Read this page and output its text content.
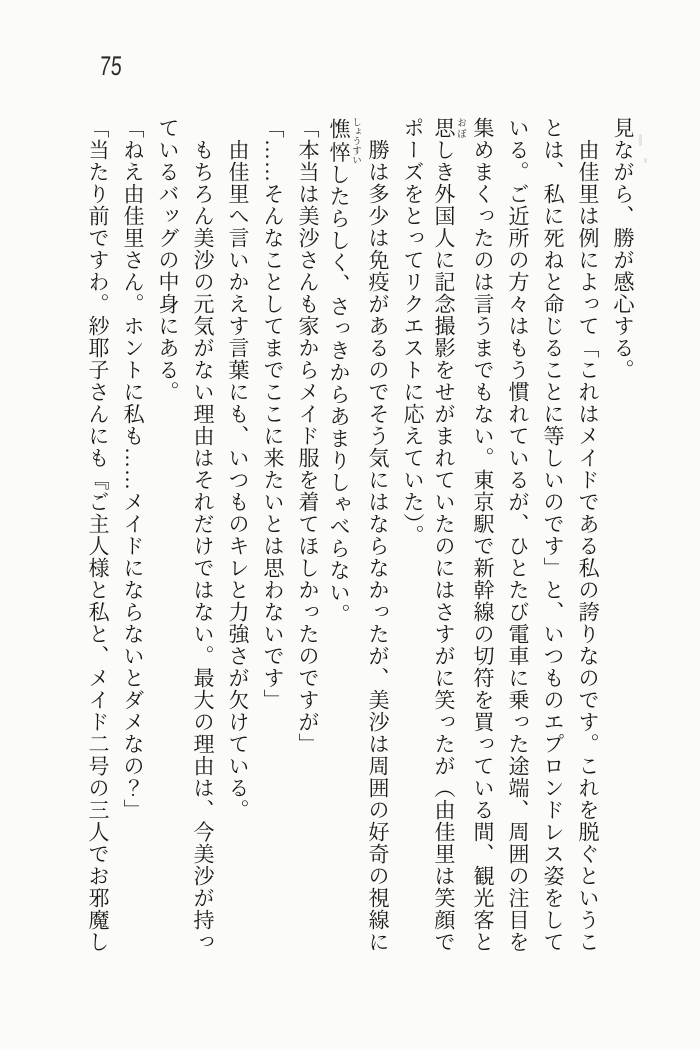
75
見ながら、勝が感心する。
　由佳里は例によって「これはメイドである私の誇りなのです。これを脱ぐというこ
とは、私に死ねと命じることに等しいのです」と、いつものエプロンドレス姿をして
いる。ご近所の方々はもう慣れているが、ひとたび電車に乗った途端、周囲の注目を
集めまくったのは言うまでもない。東京駅で新幹線の切符を買っている間、観光客と
思 おぼしき外国人に記念撮影をせがまれていたのにはさすがに笑ったが（由佳里は笑顔で
ポーズをとってリクエストに応えていた）。
　勝は多少は免疫があるのでそう気にはならなかったが、美沙は周囲の好奇の視線に
憔悴 しょうすいしたらしく、さっきからあまりしゃべらない。
「本当は美沙さんも家からメイド服を着てほしかったのですが」
「……そんなことしてまでここに来たいとは思わないです」
　由佳里へ言いかえす言葉にも、いつものキレと力強さが欠けている。
　もちろん美沙の元気がない理由はそれだけではない。最大の理由は、今美沙が持っ
ているバッグの中身にある。
「ねえ由佳里さん。ホントに私も……メイドにならないとダメなの？」
「当たり前ですわ。紗耶子さんにも『ご主人様と私と、メイド二号の三人でお邪魔し
